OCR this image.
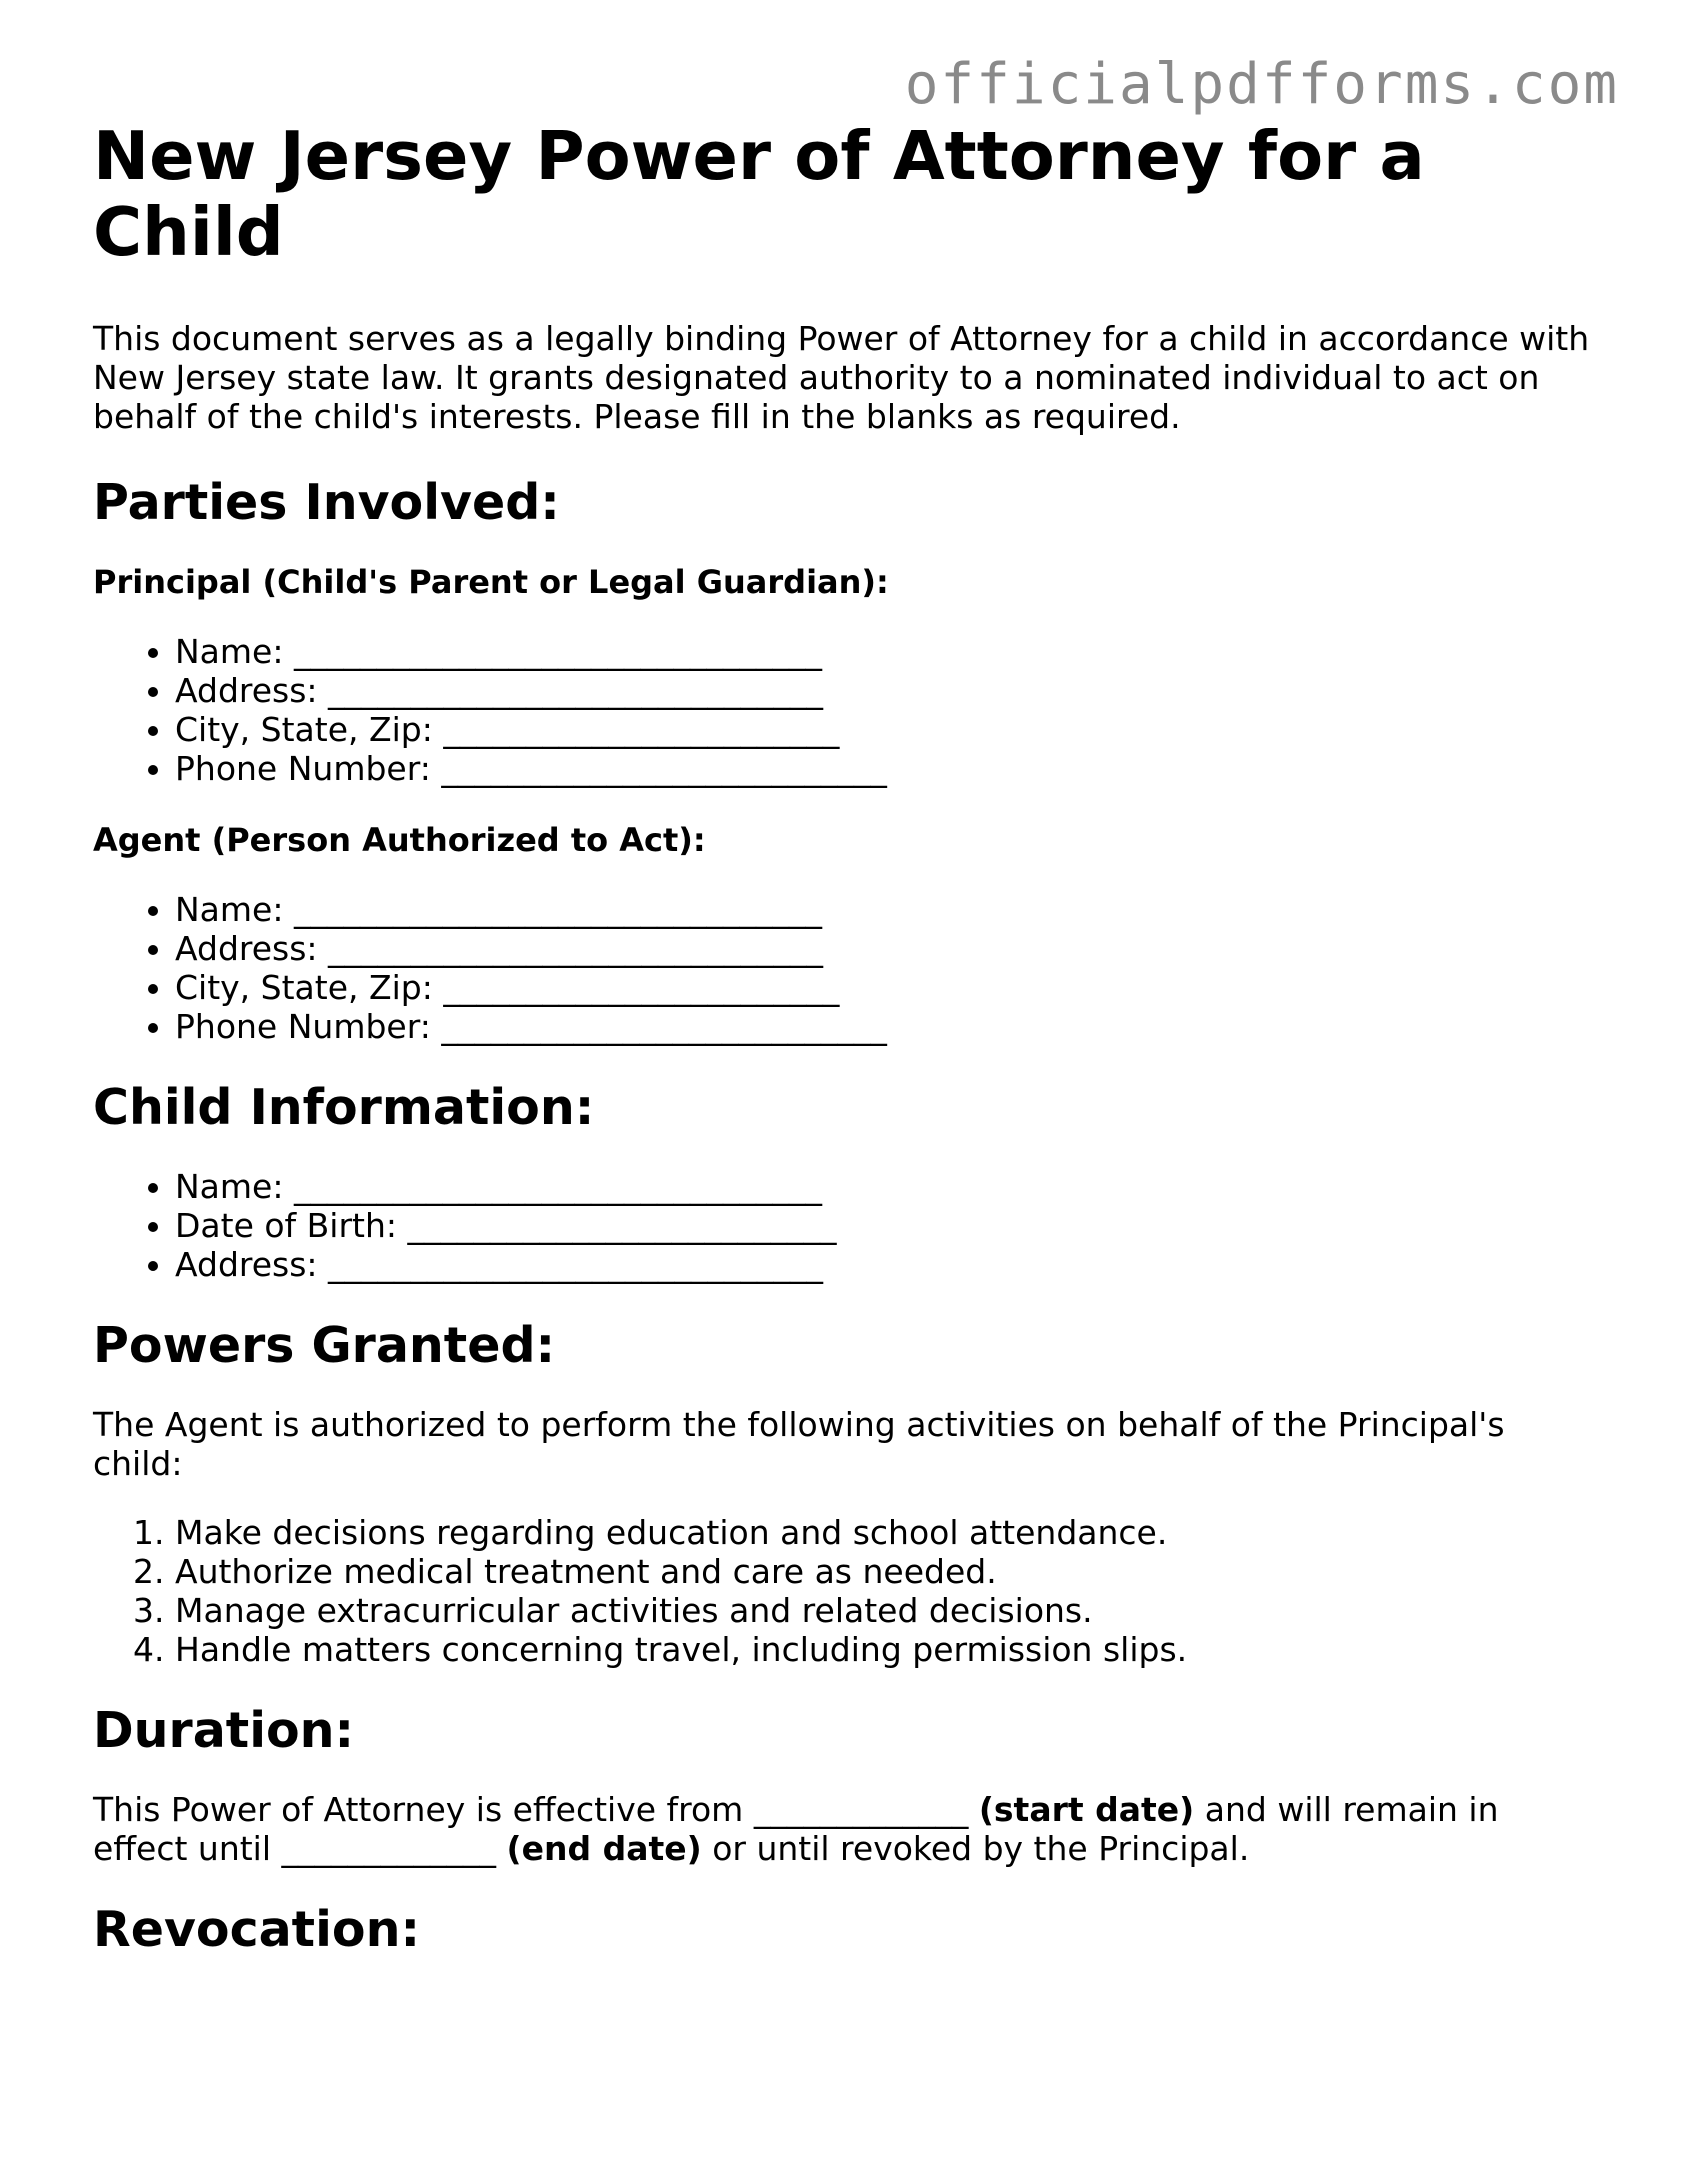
officialpdfforms.com
New Jersey Power of Attorney for a Child

This document serves as a legally binding Power of Attorney for a child in accordance with New Jersey state law. It grants designated authority to a nominated individual to act on behalf of the child's interests. Please fill in the blanks as required.

Parties Involved:
Principal (Child's Parent or Legal Guardian):
• Name: ________________________________
• Address: ______________________________
• City, State, Zip: ________________________
• Phone Number: ___________________________
Agent (Person Authorized to Act):
• Name: ________________________________
• Address: ______________________________
• City, State, Zip: ________________________
• Phone Number: ___________________________
Child Information:
• Name: ________________________________
• Date of Birth: __________________________
• Address: ______________________________
Powers Granted:

The Agent is authorized to perform the following activities on behalf of the Principal's child:

1. Make decisions regarding education and school attendance.
2. Authorize medical treatment and care as needed.
3. Manage extracurricular activities and related decisions.
4. Handle matters concerning travel, including permission slips.
Duration:

This Power of Attorney is effective from _____________ (start date) and will remain in effect until _____________ (end date) or until revoked by the Principal.

Revocation:
